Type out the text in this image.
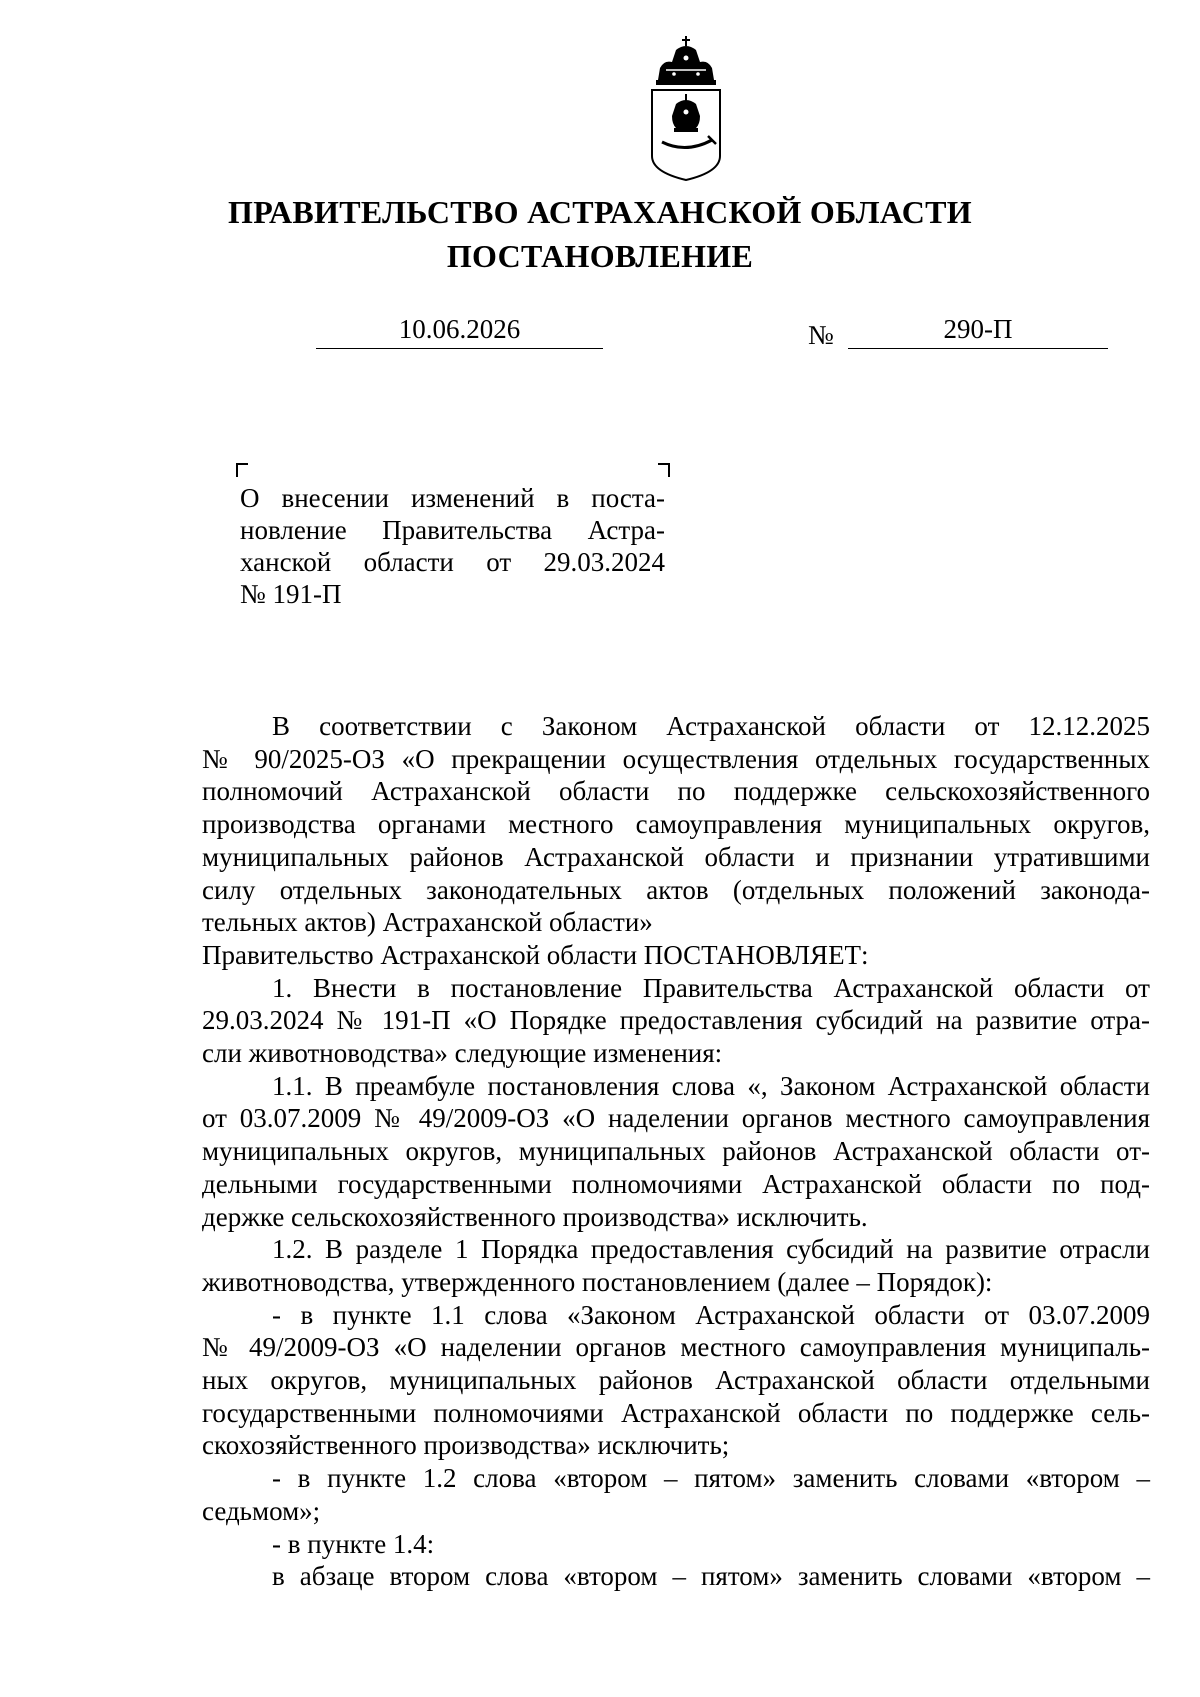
ПРАВИТЕЛЬСТВО АСТРАХАНСКОЙ ОБЛАСТИ
ПОСТАНОВЛЕНИЕ
10.06.2026	№	290-П
О внесении изменений в поста-
новление Правительства Астра-
ханской области от 29.03.2024
№ 191-П
В соответствии с Законом Астраханской области от 12.12.2025
№ 90/2025-ОЗ «О прекращении осуществления отдельных государственных
полномочий Астраханской области по поддержке сельскохозяйственного
производства органами местного самоуправления муниципальных округов,
муниципальных районов Астраханской области и признании утратившими
силу отдельных законодательных актов (отдельных положений законода-
тельных актов) Астраханской области»
Правительство Астраханской области ПОСТАНОВЛЯЕТ:
1. Внести в постановление Правительства Астраханской области от
29.03.2024 № 191-П «О Порядке предоставления субсидий на развитие отра-
сли животноводства» следующие изменения:
1.1. В преамбуле постановления слова «, Законом Астраханской области
от 03.07.2009 № 49/2009-ОЗ «О наделении органов местного самоуправления
муниципальных округов, муниципальных районов Астраханской области от-
дельными государственными полномочиями Астраханской области по под-
держке сельскохозяйственного производства» исключить.
1.2. В разделе 1 Порядка предоставления субсидий на развитие отрасли
животноводства, утвержденного постановлением (далее – Порядок):
- в пункте 1.1 слова «Законом Астраханской области от 03.07.2009
№ 49/2009-ОЗ «О наделении органов местного самоуправления муниципаль-
ных округов, муниципальных районов Астраханской области отдельными
государственными полномочиями Астраханской области по поддержке сель-
скохозяйственного производства» исключить;
- в пункте 1.2 слова «втором – пятом» заменить словами «втором –
седьмом»;
- в пункте 1.4:
в абзаце втором слова «втором – пятом» заменить словами «втором –
